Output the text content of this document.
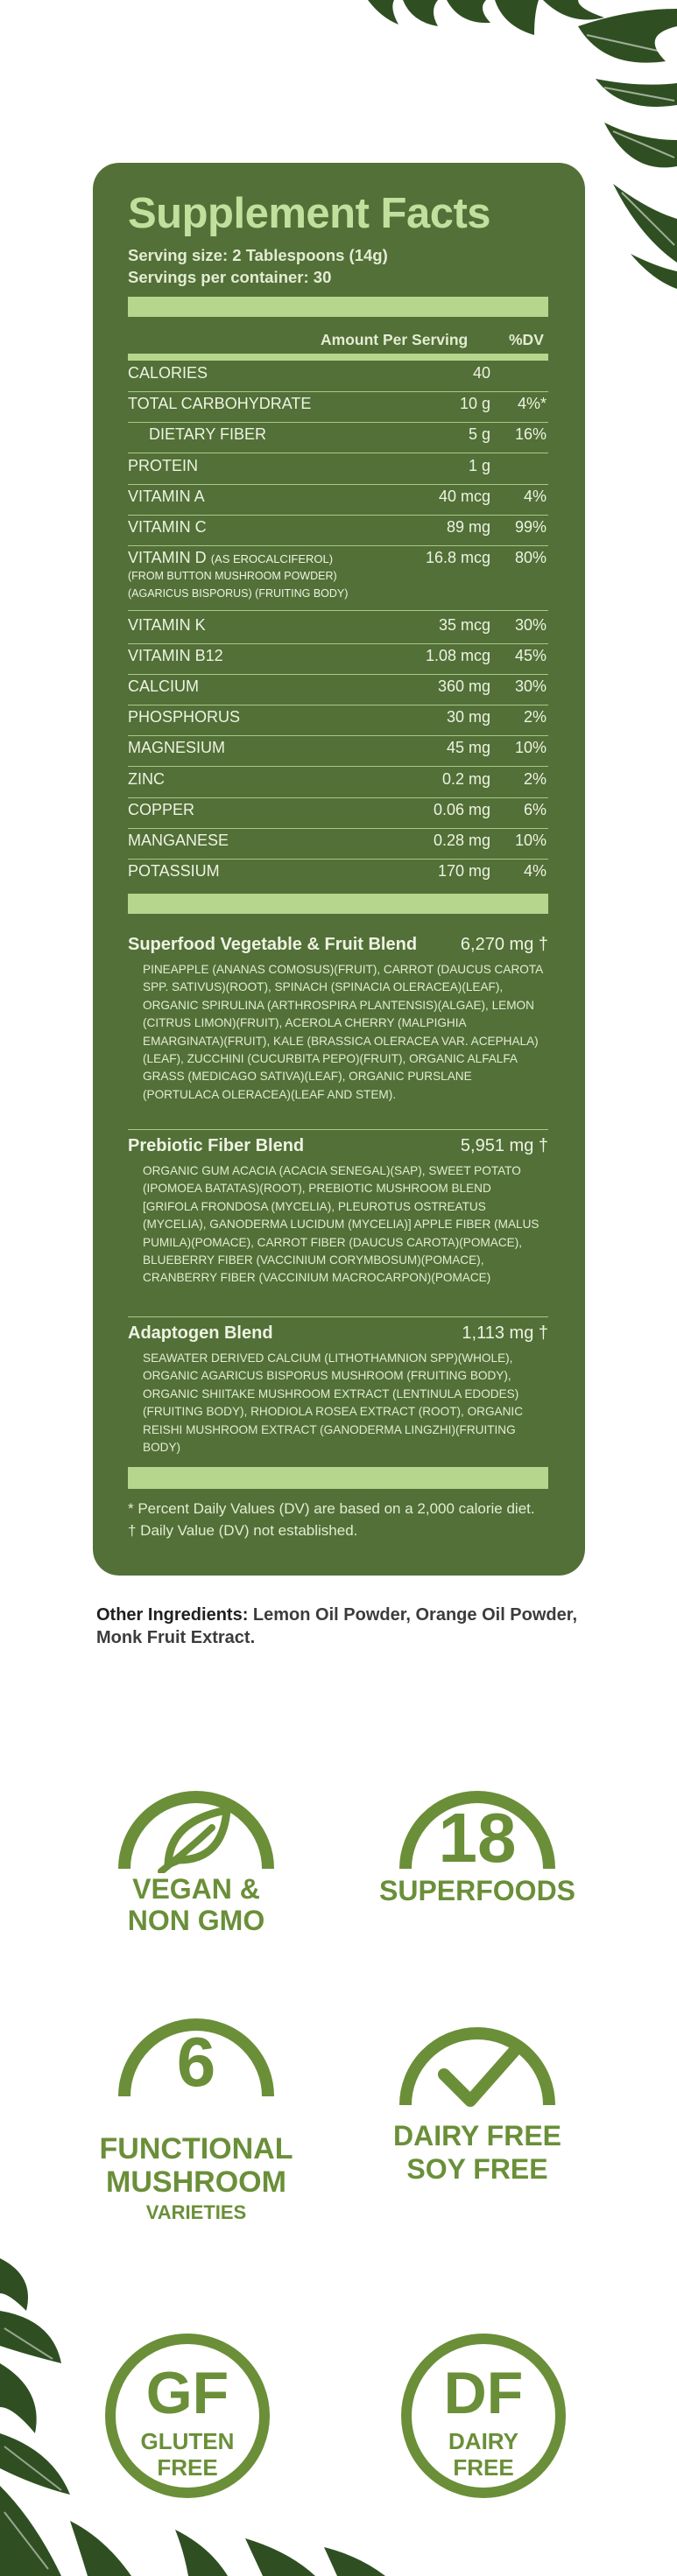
Supplement Facts
Serving size: 2 Tablespoons (14g)
Servings per container: 30
Amount Per Serving	%DV
CALORIES	40
TOTAL CARBOHYDRATE	10 g 4%*
DIETARY FIBER	5 g 16%
PROTEIN	1 g
VITAMIN A	40 mcg 4%
VITAMIN C	89 mg 99%
VITAMIN D (AS EROCALCIFEROL)	16.8 mcg 80%
(FROM BUTTON MUSHROOM POWDER)
(AGARICUS BISPORUS) (FRUITING BODY)
VITAMIN K	35 mcg 30%
VITAMIN B12	1.08 mcg 45%
CALCIUM	360 mg 30%
PHOSPHORUS	30 mg 2%
MAGNESIUM	45 mg 10%
ZINC	0.2 mg 2%
COPPER	0.06 mg 6%
MANGANESE	0.28 mg 10%
POTASSIUM	170 mg 4%
Superfood Vegetable & Fruit Blend 6,270 mg †

PINEAPPLE (ANANAS COMOSUS)(FRUIT), CARROT (DAUCUS CAROTA SPP. SATIVUS)(ROOT), SPINACH (SPINACIA OLERACEA)(LEAF), ORGANIC SPIRULINA (ARTHROSPIRA PLANTENSIS)(ALGAE), LEMON (CITRUS LIMON)(FRUIT), ACEROLA CHERRY (MALPIGHIA EMARGINATA)(FRUIT), KALE (BRASSICA OLERACEA VAR. ACEPHALA)(LEAF), ZUCCHINI (CUCURBITA PEPO)(FRUIT), ORGANIC ALFALFA GRASS (MEDICAGO SATIVA)(LEAF), ORGANIC PURSLANE (PORTULACA OLERACEA)(LEAF AND STEM).

Prebiotic Fiber Blend	5,951 mg †

ORGANIC GUM ACACIA (ACACIA SENEGAL)(SAP), SWEET POTATO (IPOMOEA BATATAS)(ROOT), PREBIOTIC MUSHROOM BLEND [GRIFOLA FRONDOSA (MYCELIA), PLEUROTUS OSTREATUS (MYCELIA), GANODERMA LUCIDUM (MYCELIA)] APPLE FIBER (MALUS PUMILA)(POMACE), CARROT FIBER (DAUCUS CAROTA)(POMACE), BLUEBERRY FIBER (VACCINIUM CORYMBOSUM)(POMACE), CRANBERRY FIBER (VACCINIUM MACROCARPON)(POMACE)

Adaptogen Blend	1,113 mg †

SEAWATER DERIVED CALCIUM (LITHOTHAMNION SPP)(WHOLE), ORGANIC AGARICUS BISPORUS MUSHROOM (FRUITING BODY), ORGANIC SHIITAKE MUSHROOM EXTRACT (LENTINULA EDODES)(FRUITING BODY), RHODIOLA ROSEA EXTRACT (ROOT), ORGANIC REISHI MUSHROOM EXTRACT (GANODERMA LINGZHI)(FRUITING BODY)

* Percent Daily Values (DV) are based on a 2,000 calorie diet.
† Daily Value (DV) not established.

Other Ingredients: Lemon Oil Powder, Orange Oil Powder, Monk Fruit Extract.

VEGAN &
NON GMO
18
SUPERFOODS
6
FUNCTIONAL
MUSHROOM
VARIETIES
DAIRY FREE
SOY FREE
GF
GLUTEN
FREE
DF
DAIRY
FREE
